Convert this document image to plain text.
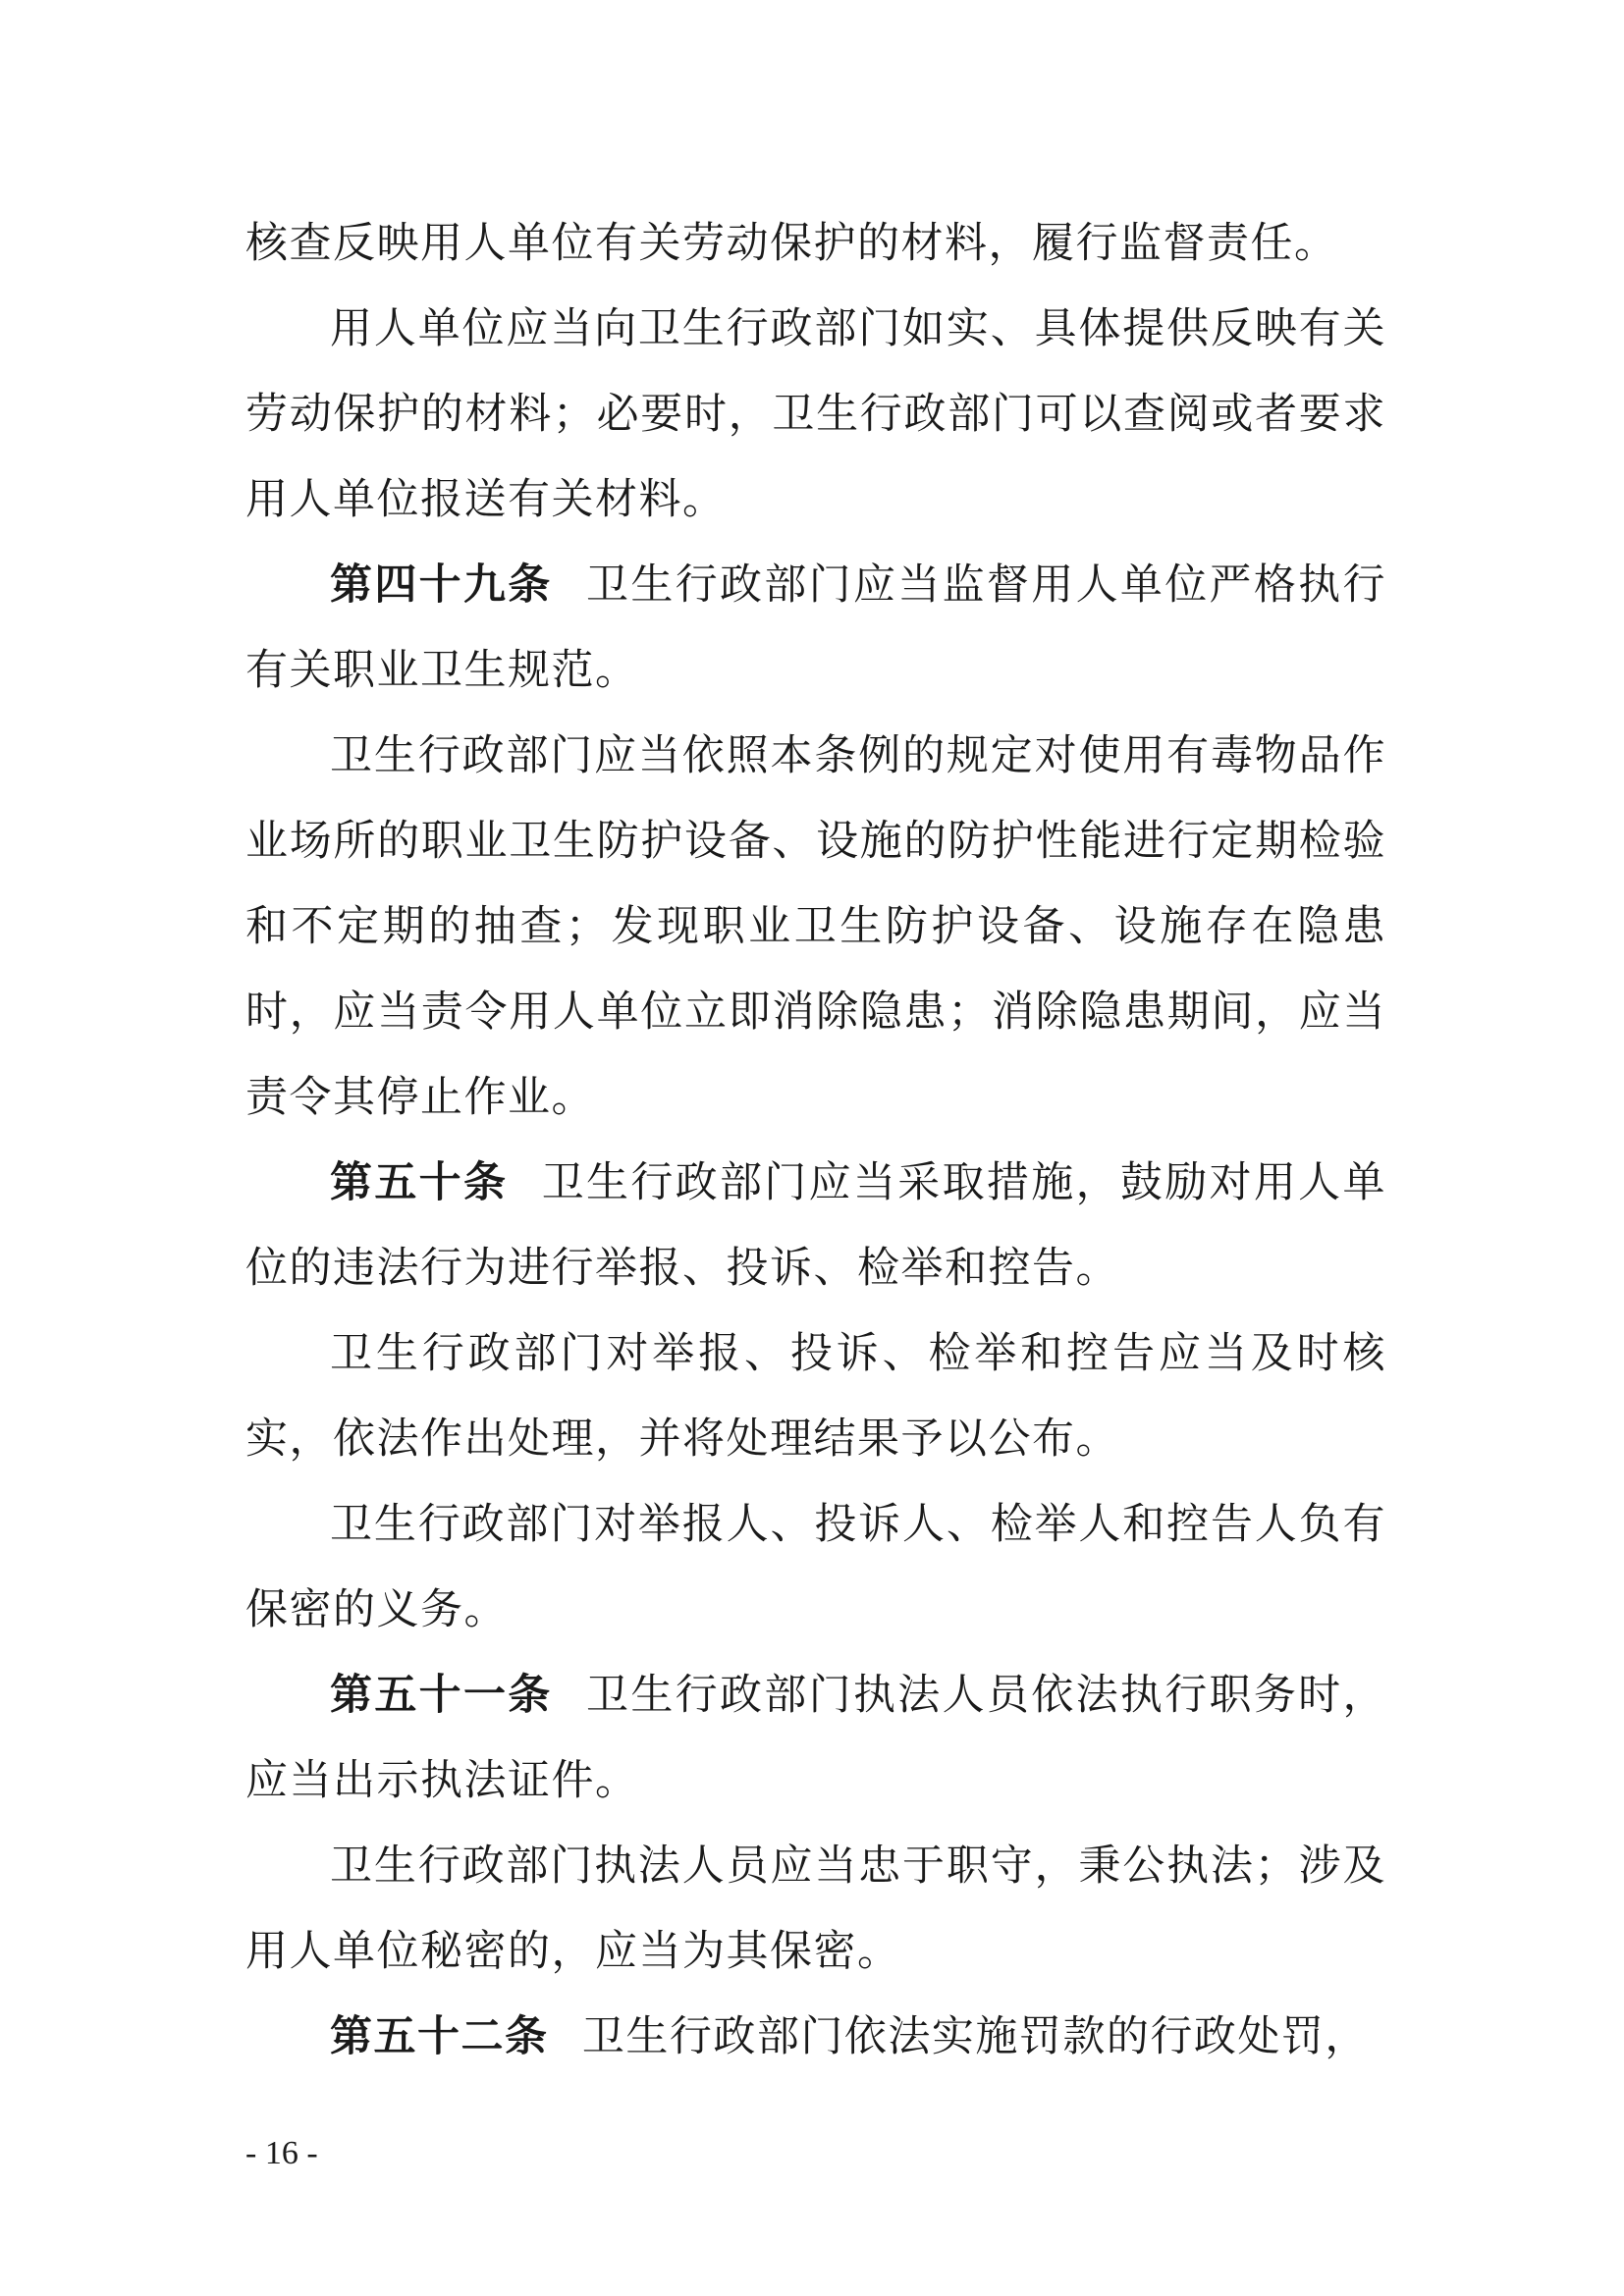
核查反映用人单位有关劳动保护的材料，履行监督责任。

用人单位应当向卫生行政部门如实、具体提供反映有关劳动保护的材料；必要时，卫生行政部门可以查阅或者要求用人单位报送有关材料。

第四十九条 卫生行政部门应当监督用人单位严格执行有关职业卫生规范。

卫生行政部门应当依照本条例的规定对使用有毒物品作业场所的职业卫生防护设备、设施的防护性能进行定期检验和不定期的抽查；发现职业卫生防护设备、设施存在隐患时，应当责令用人单位立即消除隐患；消除隐患期间，应当责令其停止作业。

第五十条 卫生行政部门应当采取措施，鼓励对用人单位的违法行为进行举报、投诉、检举和控告。

卫生行政部门对举报、投诉、检举和控告应当及时核实，依法作出处理，并将处理结果予以公布。

卫生行政部门对举报人、投诉人、检举人和控告人负有保密的义务。

第五十一条 卫生行政部门执法人员依法执行职务时，应当出示执法证件。

卫生行政部门执法人员应当忠于职守，秉公执法；涉及用人单位秘密的，应当为其保密。

第五十二条 卫生行政部门依法实施罚款的行政处罚，

- 16 -
